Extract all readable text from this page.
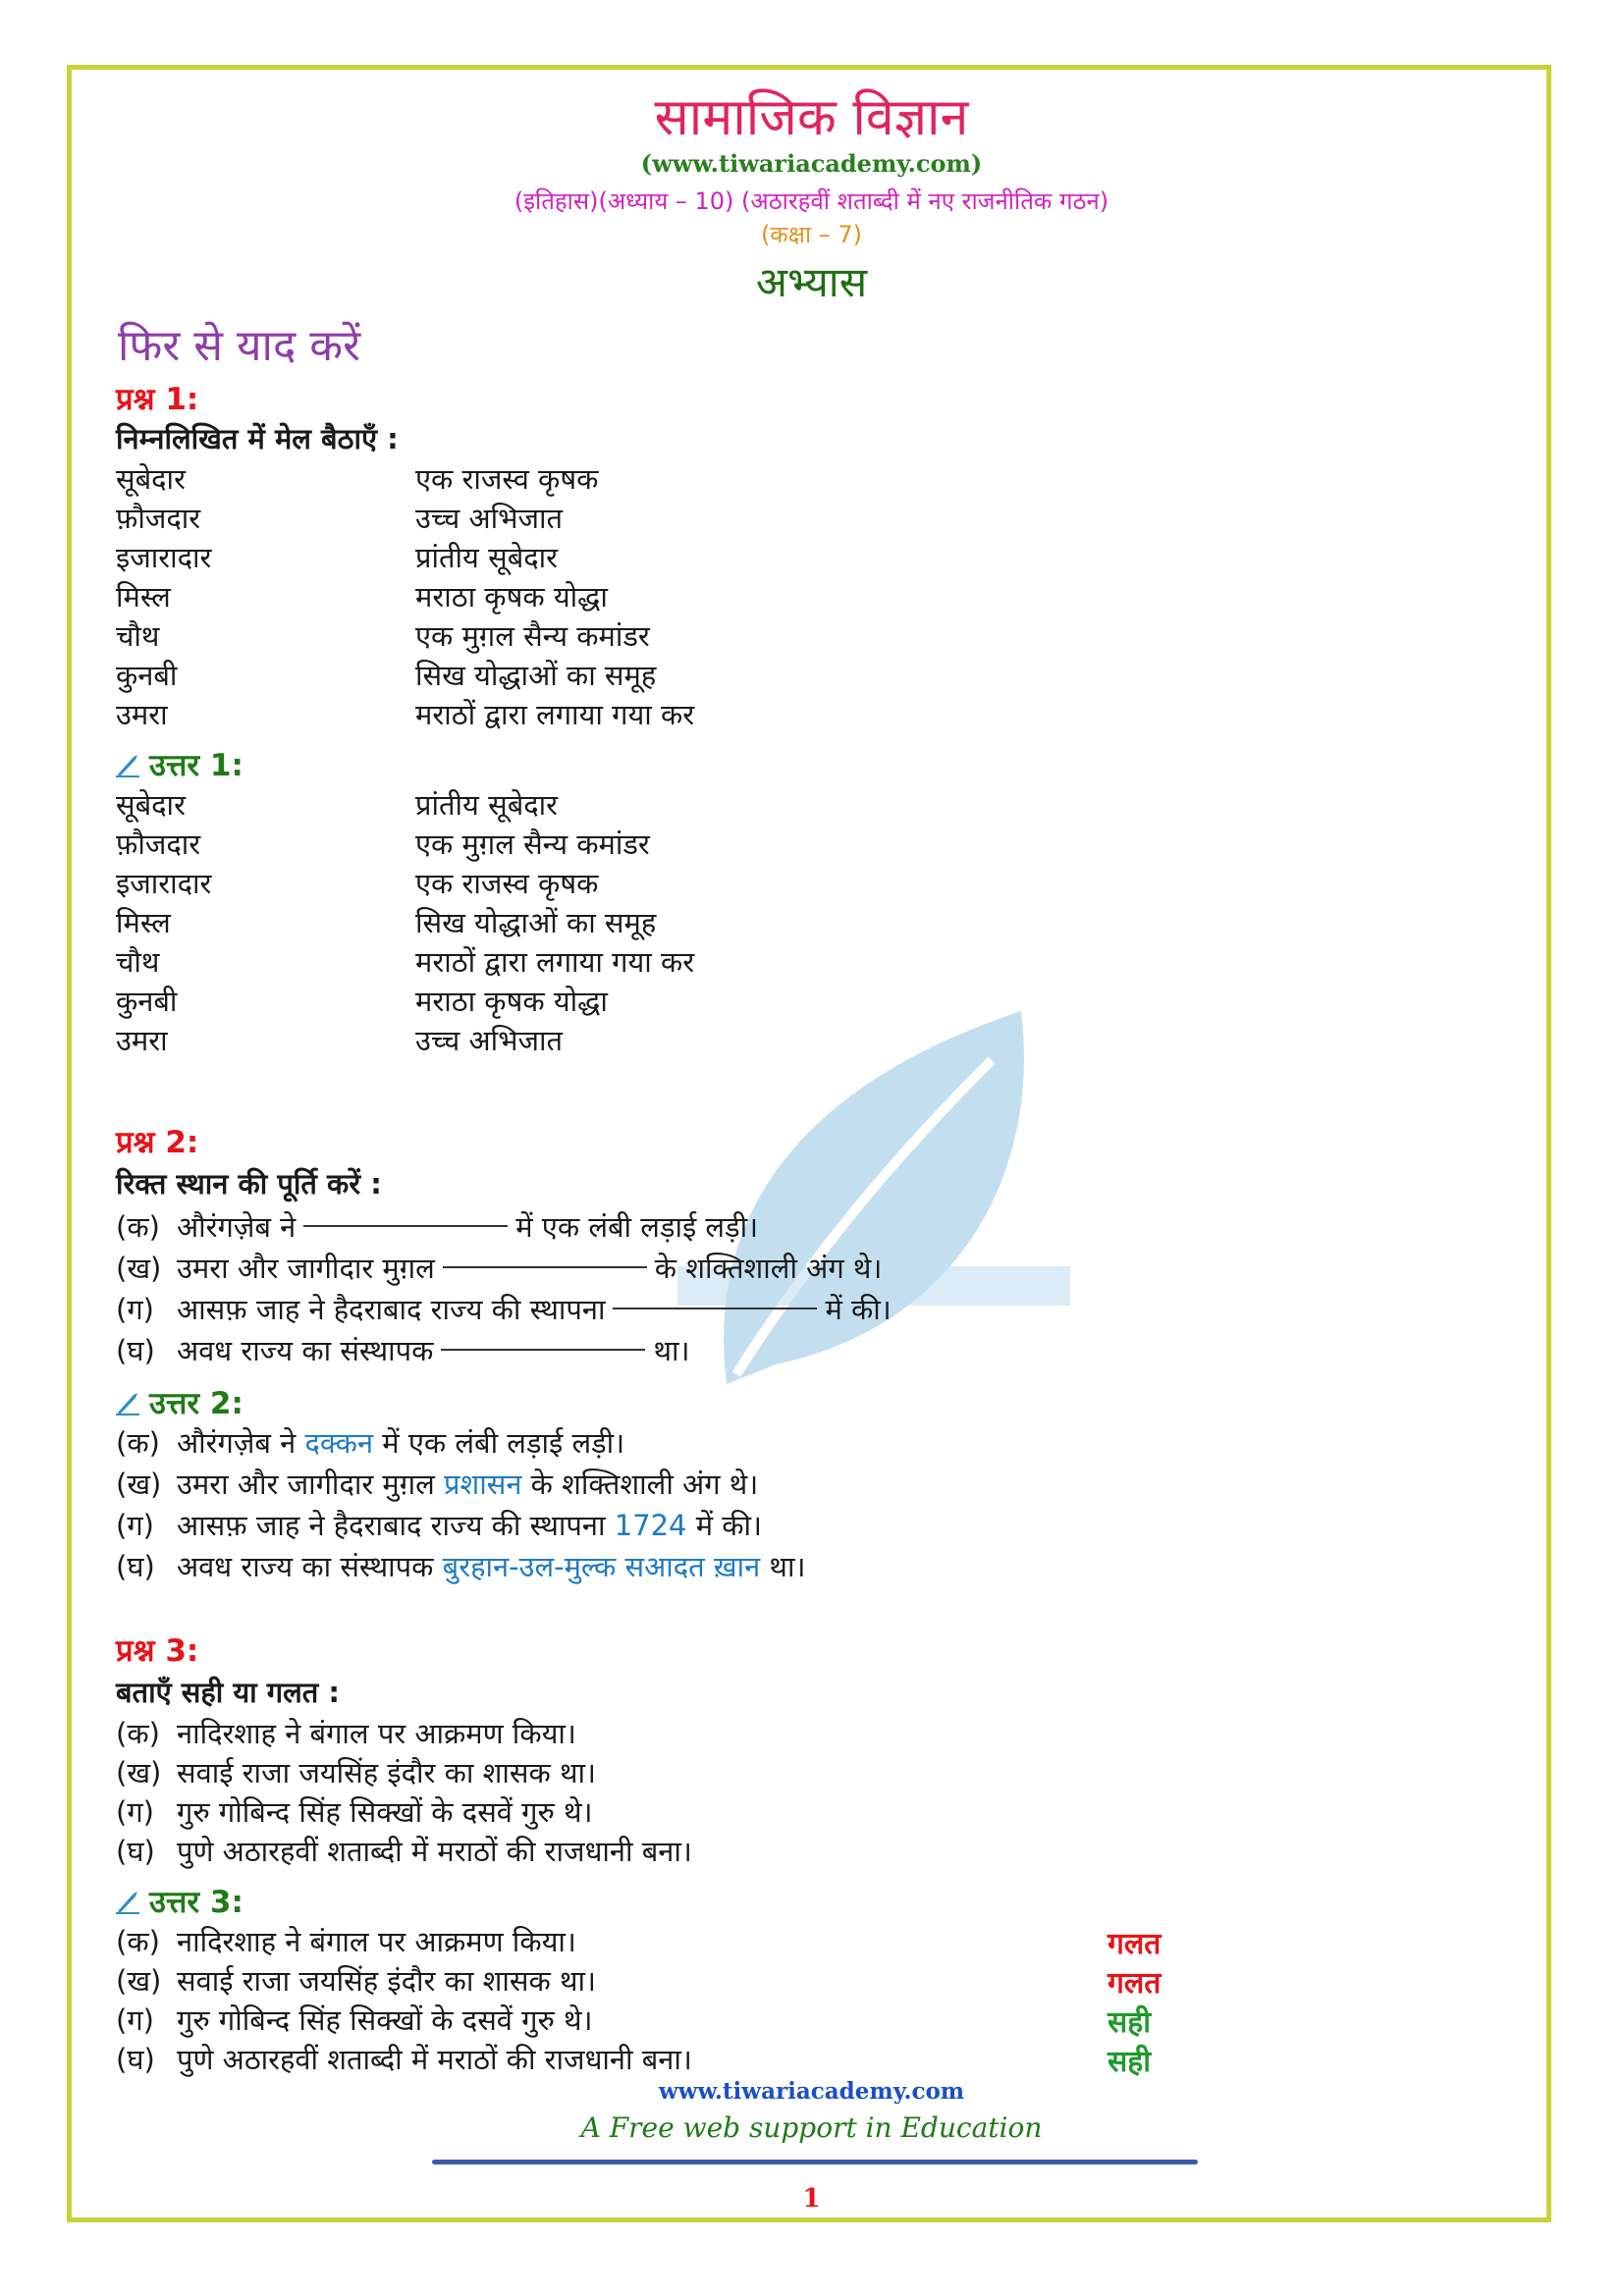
सामाजिक विज्ञान
(www.tiwariacademy.com)
(इतिहास)(अध्याय – 10) (अठारहवीं शताब्दी में नए राजनीतिक गठन)
(कक्षा – 7)
अभ्यास
फिर से याद करें
प्रश्न 1:
निम्नलिखित में मेल बैठाएँ :
सूबेदार	एक राजस्व कृषक
फ़ौजदार	उच्च अभिजात
इजारादार	प्रांतीय सूबेदार
मिस्ल	मराठा कृषक योद्धा
चौथ	एक मुग़ल सैन्य कमांडर
कुनबी	सिख योद्धाओं का समूह
उमरा	मराठों द्वारा लगाया गया कर
उत्तर 1:
सूबेदार	प्रांतीय सूबेदार
फ़ौजदार	एक मुग़ल सैन्य कमांडर
इजारादार	एक राजस्व कृषक
मिस्ल	सिख योद्धाओं का समूह
चौथ	मराठों द्वारा लगाया गया कर
कुनबी	मराठा कृषक योद्धा
उमरा	उच्च अभिजात
प्रश्न 2:
रिक्त स्थान की पूर्ति करें :
(क) औरंगज़ेब ने	में एक लंबी लड़ाई लड़ी।
(ख) उमरा और जागीदार मुग़ल	के शक्तिशाली अंग थे।
(ग) आसफ़ जाह ने हैदराबाद राज्य की स्थापना	में की।
(घ) अवध राज्य का संस्थापक	था।
उत्तर 2:
(क) औरंगज़ेब ने दक्कन में एक लंबी लड़ाई लड़ी।
(ख) उमरा और जागीदार मुग़ल प्रशासन के शक्तिशाली अंग थे।
(ग) आसफ़ जाह ने हैदराबाद राज्य की स्थापना 1724 में की।
(घ) अवध राज्य का संस्थापक बुरहान-उल-मुल्क सआदत ख़ान था।
प्रश्न 3:
बताएँ सही या गलत :
(क) नादिरशाह ने बंगाल पर आक्रमण किया।
(ख) सवाई राजा जयसिंह इंदौर का शासक था।
(ग) गुरु गोबिन्द सिंह सिक्खों के दसवें गुरु थे।
(घ) पुणे अठारहवीं शताब्दी में मराठों की राजधानी बना।
उत्तर 3:
(क) नादिरशाह ने बंगाल पर आक्रमण किया।	गलत
(ख) सवाई राजा जयसिंह इंदौर का शासक था।	गलत
(ग) गुरु गोबिन्द सिंह सिक्खों के दसवें गुरु थे।	सही
(घ) पुणे अठारहवीं शताब्दी में मराठों की राजधानी बना।	सही
www.tiwariacademy.com
A Free web support in Education
1
